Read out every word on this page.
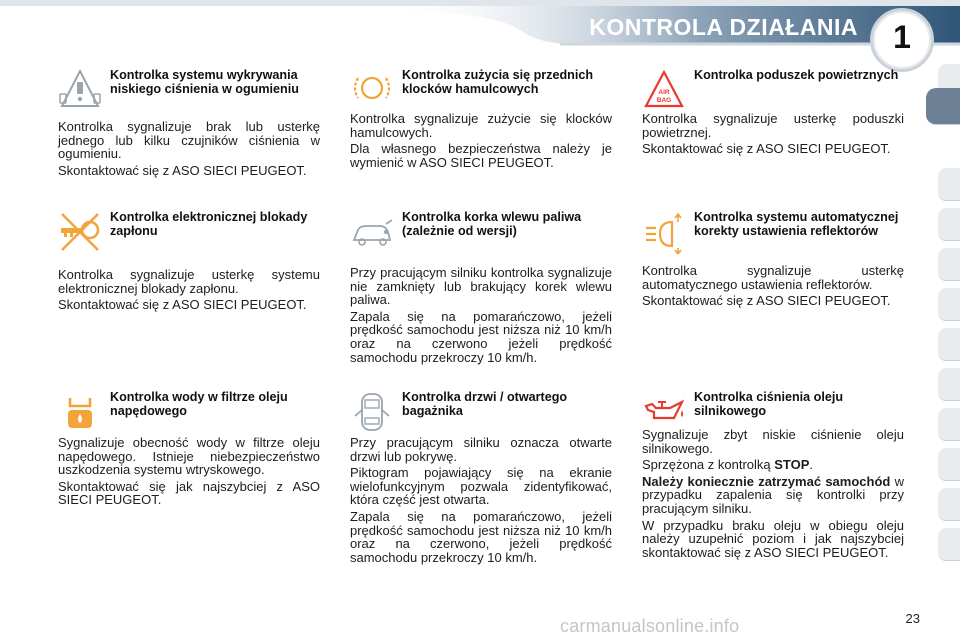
KONTROLA DZIAŁANIA	1
Kontrolka systemu wykrywania niskiego ciśnienia w ogumieniu

Kontrolka sygnalizuje brak lub usterkę jednego lub kilku czujników ciśnienia w ogumieniu.

Skontaktować się z ASO SIECI PEUGEOT.

Kontrolka zużycia się przednich klocków hamulcowych

Kontrolka sygnalizuje zużycie się klocków hamulcowych.

Dla własnego bezpieczeństwa należy je wymienić w ASO SIECI PEUGEOT.

AIR
BAG
Kontrolka poduszek powietrznych

Kontrolka sygnalizuje usterkę poduszki powietrznej.

Skontaktować się z ASO SIECI PEUGEOT.

Kontrolka elektronicznej blokady zapłonu

Kontrolka sygnalizuje usterkę systemu elektronicznej blokady zapłonu.

Skontaktować się z ASO SIECI PEUGEOT.

Kontrolka korka wlewu paliwa (zależnie od wersji)

Przy pracującym silniku kontrolka sygnalizuje nie zamknięty lub brakujący korek wlewu paliwa.

Zapala się na pomarańczowo, jeżeli prędkość samochodu jest niższa niż 10 km/h oraz na czerwono jeżeli prędkość samochodu przekroczy 10 km/h.

Kontrolka systemu automatycznej korekty ustawienia reflektorów

Kontrolka sygnalizuje usterkę automatycznego ustawienia reflektorów.

Skontaktować się z ASO SIECI PEUGEOT.

Kontrolka wody w filtrze oleju napędowego

Sygnalizuje obecność wody w filtrze oleju napędowego. Istnieje niebezpieczeństwo uszkodzenia systemu wtryskowego.

Skontaktować się jak najszybciej z ASO SIECI PEUGEOT.

Kontrolka drzwi / otwartego bagażnika

Przy pracującym silniku oznacza otwarte drzwi lub pokrywę.

Piktogram pojawiający się na ekranie wielofunkcyjnym pozwala zidentyfikować, która część jest otwarta.

Zapala się na pomarańczowo, jeżeli prędkość samochodu jest niższa niż 10 km/h oraz na czerwono, jeżeli prędkość samochodu przekroczy 10 km/h.

Kontrolka ciśnienia oleju silnikowego

Sygnalizuje zbyt niskie ciśnienie oleju silnikowego.

Sprzężona z kontrolką STOP.

Należy koniecznie zatrzymać samochód w przypadku zapalenia się kontrolki przy pracującym silniku.

W przypadku braku oleju w obiegu oleju należy uzupełnić poziom i jak najszybciej skontaktować się z ASO SIECI PEUGEOT.

carmanualsonline.info	23
